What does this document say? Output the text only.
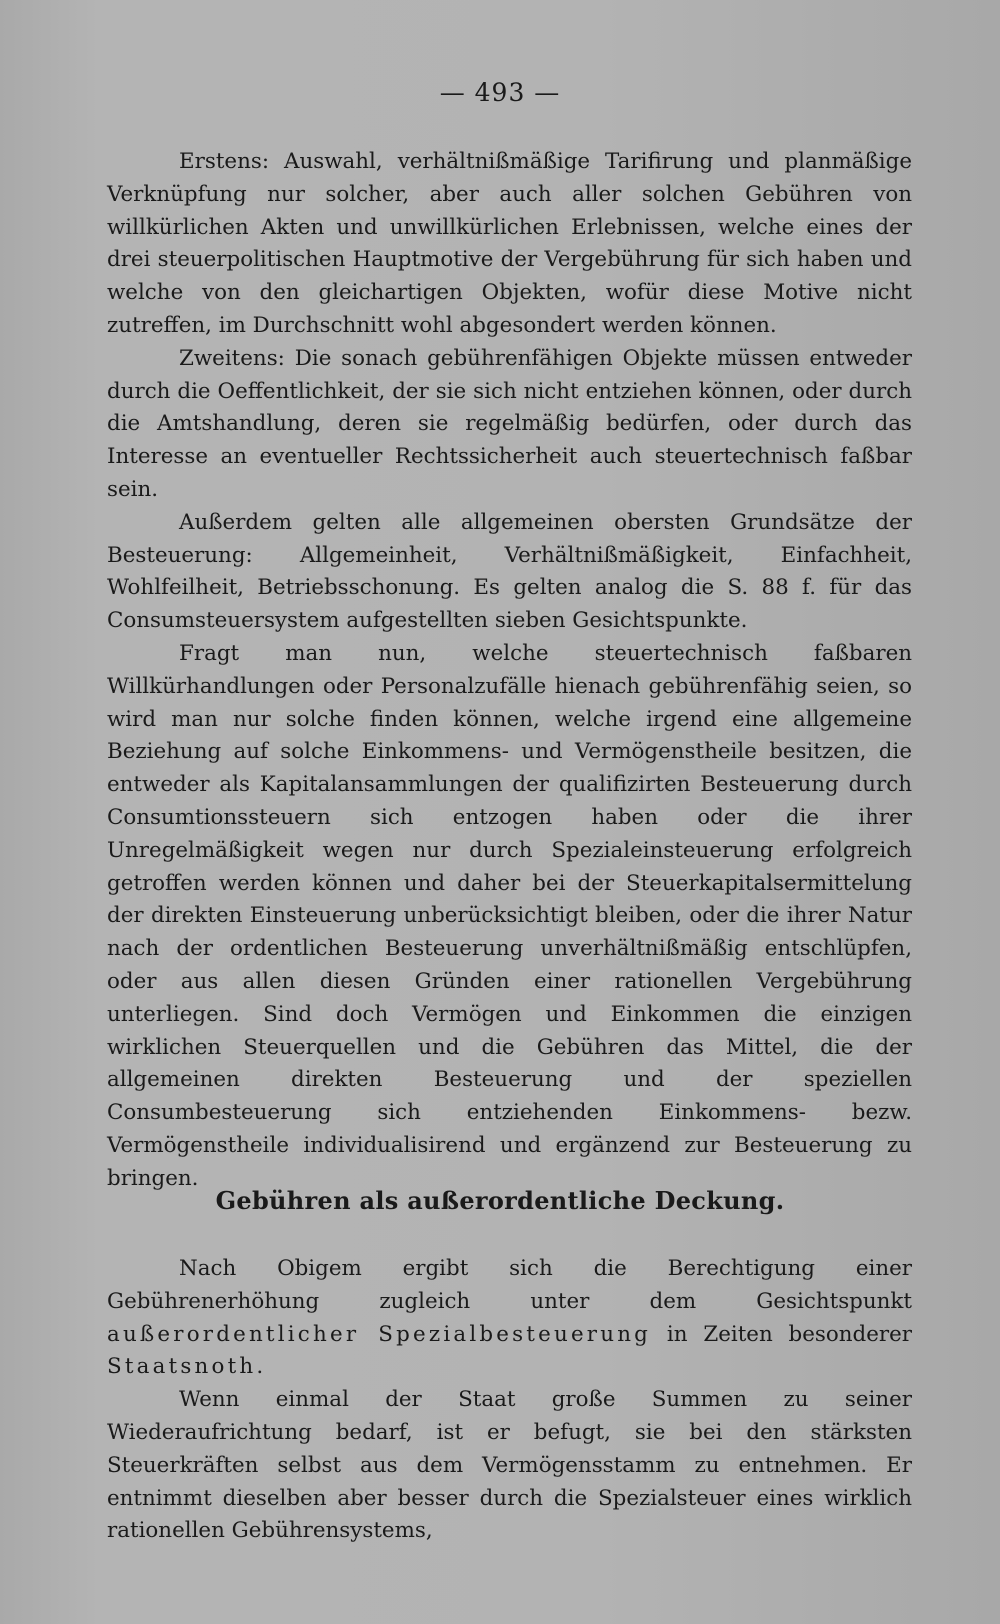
— 493 —

Erstens: Auswahl, verhältnißmäßige Tarifirung und planmäßige Verknüpfung nur solcher, aber auch aller solchen Gebühren von willkürlichen Akten und unwillkürlichen Erlebnissen, welche eines der drei steuerpolitischen Hauptmotive der Vergebührung für sich haben und welche von den gleichartigen Objekten, wofür diese Motive nicht zutreffen, im Durchschnitt wohl abgesondert werden können.

Zweitens: Die sonach gebührenfähigen Objekte müssen entweder durch die Oeffentlichkeit, der sie sich nicht entziehen können, oder durch die Amtshandlung, deren sie regelmäßig bedürfen, oder durch das Interesse an eventueller Rechtssicherheit auch steuertechnisch faßbar sein.

Außerdem gelten alle allgemeinen obersten Grundsätze der Besteuerung: Allgemeinheit, Verhältnißmäßigkeit, Einfachheit, Wohlfeilheit, Betriebsschonung. Es gelten analog die S. 88 f. für das Consumsteuersystem aufgestellten sieben Gesichtspunkte.

Fragt man nun, welche steuertechnisch faßbaren Willkürhandlungen oder Personalzufälle hienach gebührenfähig seien, so wird man nur solche finden können, welche irgend eine allgemeine Beziehung auf solche Einkommens- und Vermögenstheile besitzen, die entweder als Kapitalansammlungen der qualifizirten Besteuerung durch Consumtionssteuern sich entzogen haben oder die ihrer Unregelmäßigkeit wegen nur durch Spezialeinsteuerung erfolgreich getroffen werden können und daher bei der Steuerkapitalsermittelung der direkten Einsteuerung unberücksichtigt bleiben, oder die ihrer Natur nach der ordentlichen Besteuerung unverhältnißmäßig entschlüpfen, oder aus allen diesen Gründen einer rationellen Vergebührung unterliegen. Sind doch Vermögen und Einkommen die einzigen wirklichen Steuerquellen und die Gebühren das Mittel, die der allgemeinen direkten Besteuerung und der speziellen Consumbesteuerung sich entziehenden Einkommens- bezw. Vermögenstheile individualisirend und ergänzend zur Besteuerung zu bringen.

Gebühren als außerordentliche Deckung.

Nach Obigem ergibt sich die Berechtigung einer Gebührenerhöhung zugleich unter dem Gesichtspunkt außerordentlicher Spezialbesteuerung in Zeiten besonderer Staatsnoth.

Wenn einmal der Staat große Summen zu seiner Wiederaufrichtung bedarf, ist er befugt, sie bei den stärksten Steuerkräften selbst aus dem Vermögensstamm zu entnehmen. Er entnimmt dieselben aber besser durch die Spezialsteuer eines wirklich rationellen Gebührensystems,
